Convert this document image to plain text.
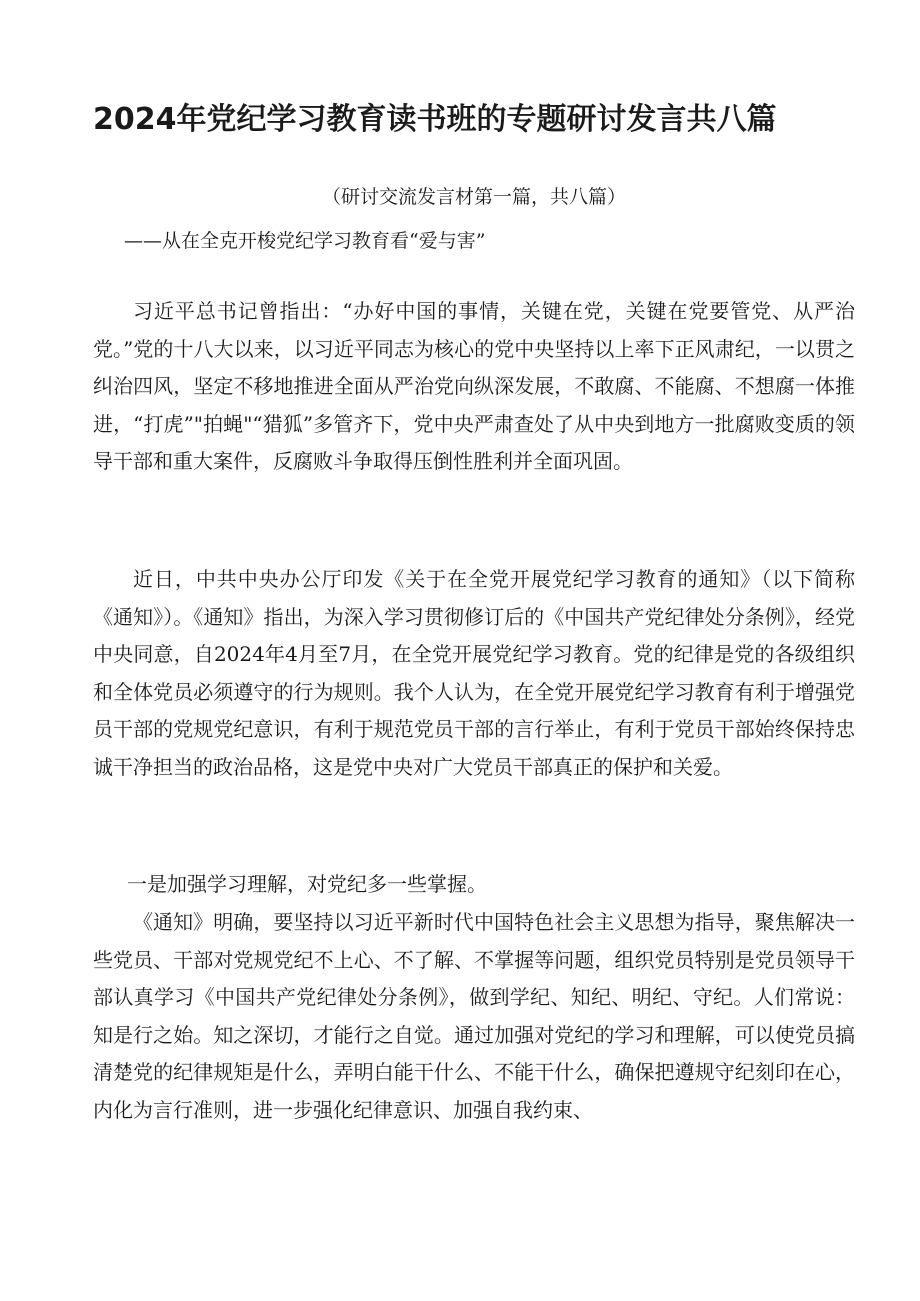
2024年党纪学习教育读书班的专题研讨发言共八篇
（研讨交流发言材第一篇，共八篇）
——从在全克开梭党纪学习教育看“爱与害”

习近平总书记曾指出：“办好中国的事情，关键在党，关键在党要管党、从严治党。”党的十八大以来，以习近平同志为核心的党中央坚持以上率下正风肃纪，一以贯之纠治四风，坚定不移地推进全面从严治党向纵深发展，不敢腐、不能腐、不想腐一体推进，“打虎”"拍蝇"“猎狐”多管齐下，党中央严肃查处了从中央到地方一批腐败变质的领导干部和重大案件，反腐败斗争取得压倒性胜利并全面巩固。

近日，中共中央办公厅印发《关于在全党开展党纪学习教育的通知》（以下简称《通知》）。《通知》指出，为深入学习贯彻修订后的《中国共产党纪律处分条例》，经党中央同意，自2024年4月至7月，在全党开展党纪学习教育。党的纪律是党的各级组织和全体党员必须遵守的行为规则。我个人认为，在全党开展党纪学习教育有利于增强党员干部的党规党纪意识，有利于规范党员干部的言行举止，有利于党员干部始终保持忠诚干净担当的政治品格，这是党中央对广大党员干部真正的保护和关爱。

一是加强学习理解，对党纪多一些掌握。

《通知》明确，要坚持以习近平新时代中国特色社会主义思想为指导，聚焦解决一些党员、干部对党规党纪不上心、不了解、不掌握等问题，组织党员特别是党员领导干部认真学习《中国共产党纪律处分条例》，做到学纪、知纪、明纪、守纪。人们常说：知是行之始。知之深切，才能行之自觉。通过加强对党纪的学习和理解，可以使党员搞清楚党的纪律规矩是什么，弄明白能干什么、不能干什么，确保把遵规守纪刻印在心，内化为言行准则，进一步强化纪律意识、加强自我约束、
